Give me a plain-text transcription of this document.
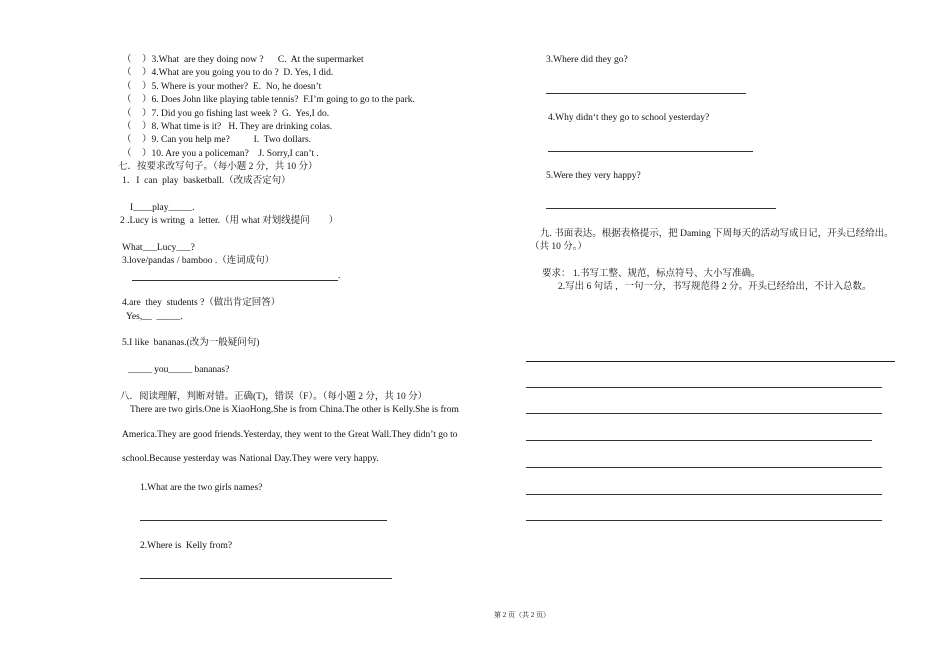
（ ）3.What  are they doing now ?      C.  At the supermarket
（ ）4.What are you going you to do ?  D. Yes, I did.
（ ）5. Where is your mother?  E.  No, he doesn’t
（ ）6. Does John like playing table tennis?  F.I’m going to go to the park.
（ ）7. Did you go fishing last week ?  G.  Yes,I do.
（ ）8. What time is it?   H. They are drinking colas.
（ ）9. Can you help me?          I.  Two dollars.
（ ）10. Are you a policeman?    J. Sorry,I can’t .
七．按要求改写句子。（每小题 2 分，共 10 分）
1．I  can  play  basketball.（改成否定句）
I____play_____.
2 .Lucy is writng  a  letter.（用 what 对划线提问        ）
What___Lucy___?
3.love/pandas / bamboo .（连词成句）
.
4.are  they  students ?（做出肯定回答）
Yes,__  _____.
5.I like  bananas.(改为一般疑问句)
_____ you_____ bananas?
八．阅读理解，判断对错。正确(T)，错误（F）。（每小题 2 分，共 10 分）
There are two girls.One is XiaoHong.She is from China.The other is Kelly.She is from
America.They are good friends.Yesterday, they went to the Great Wall.They didn’t go to
school.Because yesterday was National Day.They were very happy.
1.What are the two girls names?
2.Where is  Kelly from?
3.Where did they go?
4.Why didn‘t they go to school yesterday?
5.Were they very happy?
九. 书面表达。根据表格提示，把 Daming 下周每天的活动写成日记，开头已经给出。
（共 10 分。）
要求： 1.书写工整、规范，标点符号、大小写准确。
2.写出 6 句话 ，一句一分，书写规范得 2 分。开头已经给出，不计入总数。
第 2 页（共 2 页）
